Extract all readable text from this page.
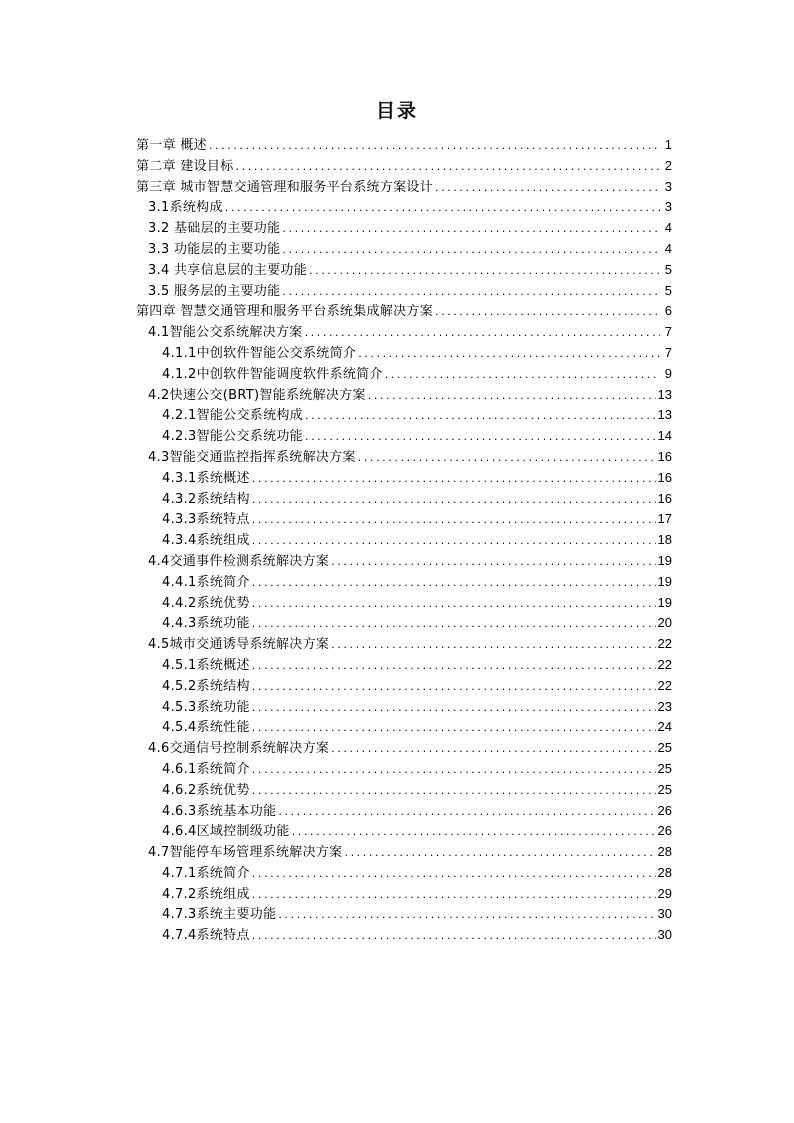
目录
第一章 概述 .....	1
第二章 建设目标 .....	2
第三章 城市智慧交通管理和服务平台系统方案设计 .....	3
3.1系统构成 .....	3
3.2 基础层的主要功能 .....	4
3.3 功能层的主要功能 .....	4
3.4 共享信息层的主要功能 .....	5
3.5 服务层的主要功能 .....	5
第四章 智慧交通管理和服务平台系统集成解决方案 .....	6
4.1智能公交系统解决方案 .....	7
4.1.1中创软件智能公交系统简介 .....	7
4.1.2中创软件智能调度软件系统简介 .....	9
4.2快速公交(BRT)智能系统解决方案 .....	13
4.2.1智能公交系统构成 .....	13
4.2.3智能公交系统功能 .....	14
4.3智能交通监控指挥系统解决方案 .....	16
4.3.1系统概述 .....	16
4.3.2系统结构 .....	16
4.3.3系统特点 .....	17
4.3.4系统组成 .....	18
4.4交通事件检测系统解决方案 .....	19
4.4.1系统简介 .....	19
4.4.2系统优势 .....	19
4.4.3系统功能 .....	20
4.5城市交通诱导系统解决方案 .....	22
4.5.1系统概述 .....	22
4.5.2系统结构 .....	22
4.5.3系统功能 .....	23
4.5.4系统性能 .....	24
4.6交通信号控制系统解决方案 .....	25
4.6.1系统简介 .....	25
4.6.2系统优势 .....	25
4.6.3系统基本功能 .....	26
4.6.4区域控制级功能 .....	26
4.7智能停车场管理系统解决方案 .....	28
4.7.1系统简介 .....	28
4.7.2系统组成 .....	29
4.7.3系统主要功能 .....	30
4.7.4系统特点 .....	30
